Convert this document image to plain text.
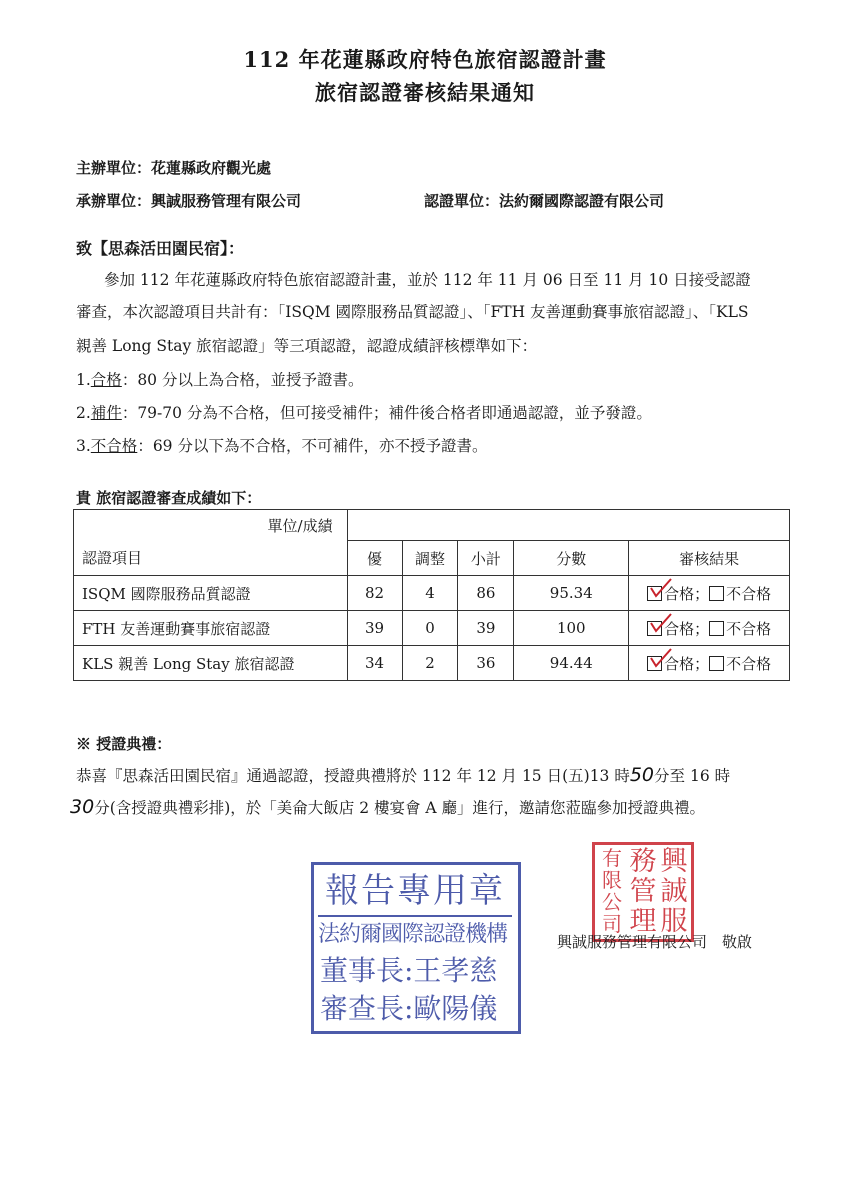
112 年花蓮縣政府特色旅宿認證計畫
旅宿認證審核結果通知
主辦單位：花蓮縣政府觀光處
承辦單位：興誠服務管理有限公司	認證單位：法約爾國際認證有限公司
致【思森活田園民宿】：
參加 112 年花蓮縣政府特色旅宿認證計畫，並於 112 年 11 月 06 日至 11 月 10 日接受認證
審查，本次認證項目共計有：「ISQM 國際服務品質認證」、「FTH 友善運動賽事旅宿認證」、「KLS
親善 Long Stay 旅宿認證」等三項認證，認證成績評核標準如下：
1.合格：80 分以上為合格，並授予證書。
2.補件：79-70 分為不合格，但可接受補件；補件後合格者即通過認證，並予發證。
3.不合格：69 分以下為不合格，不可補件，亦不授予證書。
貴 旅宿認證審查成績如下：
單位/成績					
認證項目	優	調整	小計	分數	審核結果
ISQM 國際服務品質認證	82	4	86	95.34	合格； 不合格
FTH 友善運動賽事旅宿認證	39	0	39	100	合格； 不合格
KLS 親善 Long Stay 旅宿認證	34	2	36	94.44	合格； 不合格
※ 授證典禮：
恭喜『思森活田園民宿』通過認證，授證典禮將於 112 年 12 月 15 日(五)13 時50分至 16 時
30分(含授證典禮彩排)，於「美侖大飯店 2 樓宴會 A 廳」進行，邀請您蒞臨參加授證典禮。
報告專用章
法約爾國際認證機構
董事長:王孝慈
審查長:歐陽儀
興
誠
服
務
管
理
有
限
公
司
興誠服務管理有限公司　敬啟
